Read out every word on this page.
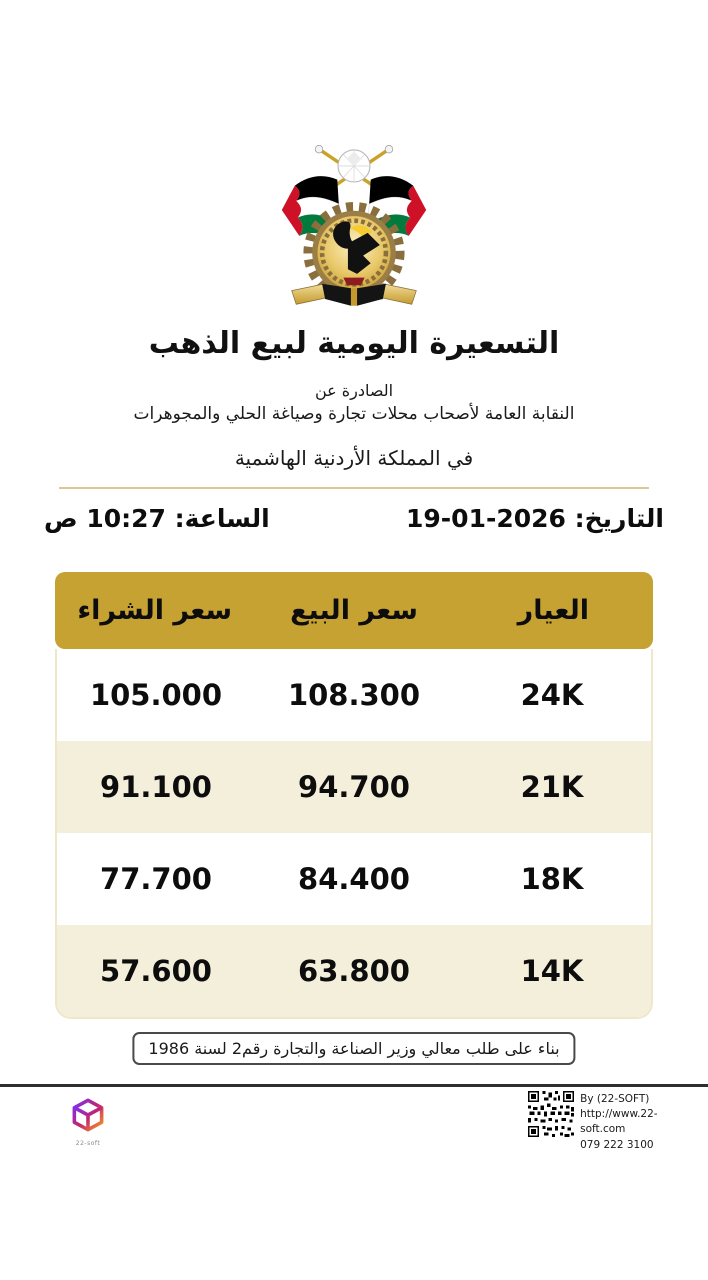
التسعيرة اليومية لبيع الذهب
الصادرة عن
النقابة العامة لأصحاب محلات تجارة وصياغة الحلي والمجوهرات
في المملكة الأردنية الهاشمية
التاريخ: 19-01-2026
الساعة: 10:27 ص
العيار
سعر البيع
سعر الشراء
24K
108.300
105.000
21K
94.700
91.100
18K
84.400
77.700
14K
63.800
57.600
بناء على طلب معالي وزير الصناعة والتجارة رقم2 لسنة 1986
22-soft
By (22-SOFT)
http://www.22-soft.com
079 222 3100
